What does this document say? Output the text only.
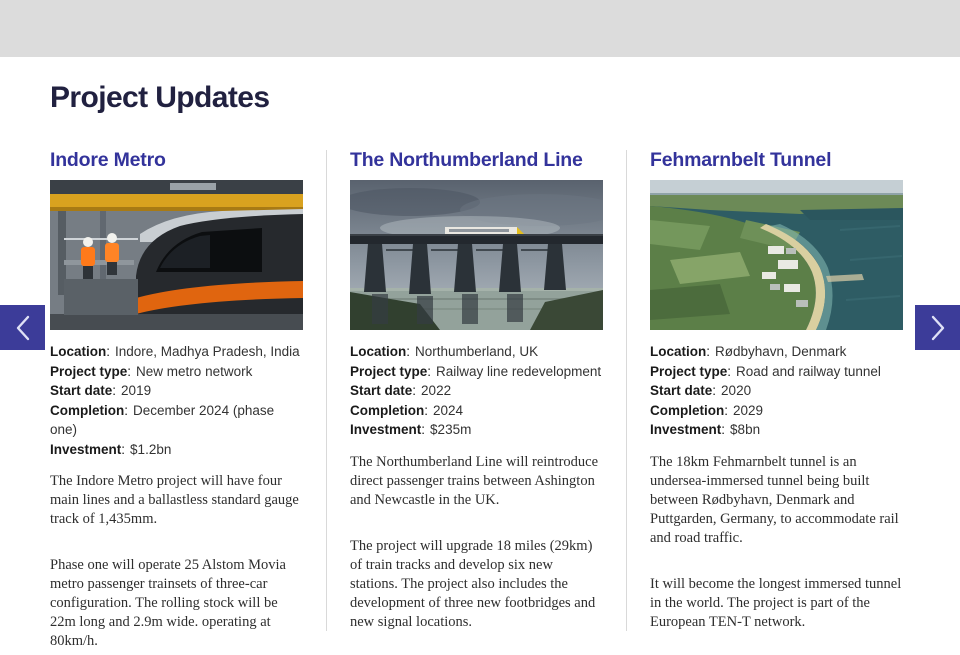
Project Updates
Indore Metro
Location: Indore, Madhya Pradesh, India
Project type: New metro network
Start date: 2019
Completion: December 2024 (phase one)
Investment: $1.2bn

The Indore Metro project will have four main lines and a ballastless standard gauge track of 1,435mm.

Phase one will operate 25 Alstom Movia metro passenger trainsets of three-car configuration. The rolling stock will be 22m long and 2.9m wide. operating at 80km/h.

The Northumberland Line
Location: Northumberland, UK
Project type: Railway line redevelopment
Start date: 2022
Completion: 2024
Investment: $235m

The Northumberland Line will reintroduce direct passenger trains between Ashington and Newcastle in the UK.

The project will upgrade 18 miles (29km) of train tracks and develop six new stations. The project also includes the development of three new footbridges and new signal locations.

Fehmarnbelt Tunnel
Location: Rødbyhavn, Denmark
Project type: Road and railway tunnel
Start date: 2020
Completion: 2029
Investment: $8bn

The 18km Fehmarnbelt tunnel is an undersea-immersed tunnel being built between Rødbyhavn, Denmark and Puttgarden, Germany, to accommodate rail and road traffic.

It will become the longest immersed tunnel in the world. The project is part of the European TEN-T network.
